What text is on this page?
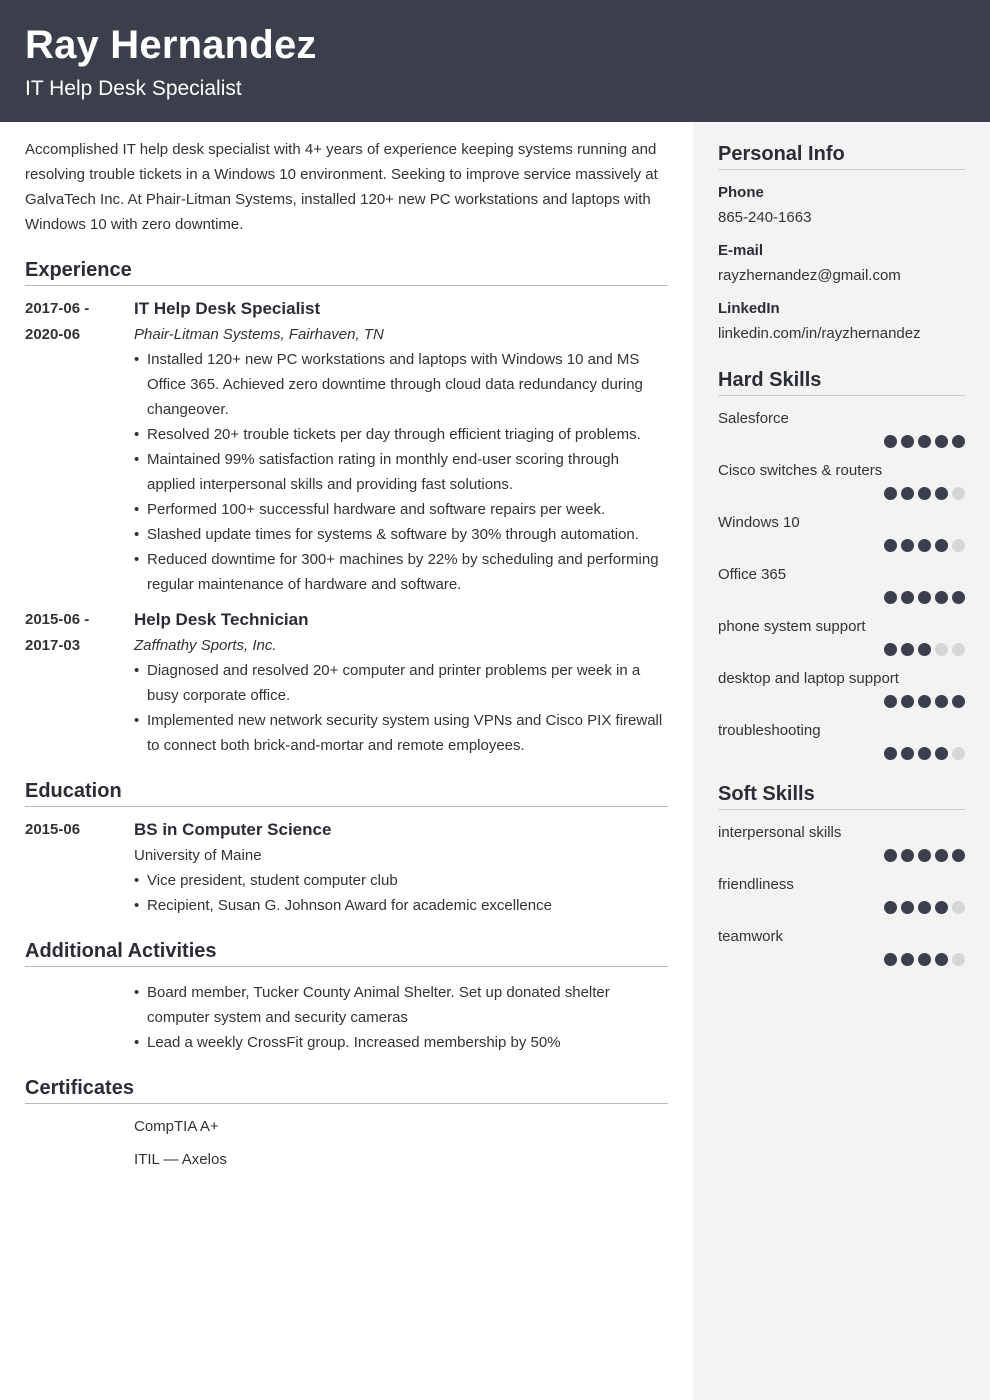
Ray Hernandez
IT Help Desk Specialist

Accomplished IT help desk specialist with 4+ years of experience keeping systems running and resolving trouble tickets in a Windows 10 environment. Seeking to improve service massively at GalvaTech Inc. At Phair-Litman Systems, installed 120+ new PC workstations and laptops with Windows 10 with zero downtime.

Experience
2017-06 -
2020-06
IT Help Desk Specialist
Phair-Litman Systems, Fairhaven, TN
• Installed 120+ new PC workstations and laptops with Windows 10 and MS Office 365. Achieved zero downtime through cloud data redundancy during changeover.
• Resolved 20+ trouble tickets per day through efficient triaging of problems.
• Maintained 99% satisfaction rating in monthly end-user scoring through applied interpersonal skills and providing fast solutions.
• Performed 100+ successful hardware and software repairs per week.
• Slashed update times for systems & software by 30% through automation.
• Reduced downtime for 300+ machines by 22% by scheduling and performing regular maintenance of hardware and software.
2015-06 -
2017-03
Help Desk Technician
Zaffnathy Sports, Inc.
• Diagnosed and resolved 20+ computer and printer problems per week in a busy corporate office.
• Implemented new network security system using VPNs and Cisco PIX firewall to connect both brick-and-mortar and remote employees.
Education
2015-06	BS in Computer Science
University of Maine
• Vice president, student computer club
• Recipient, Susan G. Johnson Award for academic excellence
Additional Activities
• Board member, Tucker County Animal Shelter. Set up donated shelter computer system and security cameras
• Lead a weekly CrossFit group. Increased membership by 50%
Certificates
CompTIA A+
ITIL — Axelos
Personal Info
Phone
865-240-1663
E-mail
rayzhernandez@gmail.com
LinkedIn
linkedin.com/in/rayzhernandez
Hard Skills
Salesforce
Cisco switches & routers
Windows 10
Office 365
phone system support
desktop and laptop support
troubleshooting
Soft Skills
interpersonal skills
friendliness
teamwork
